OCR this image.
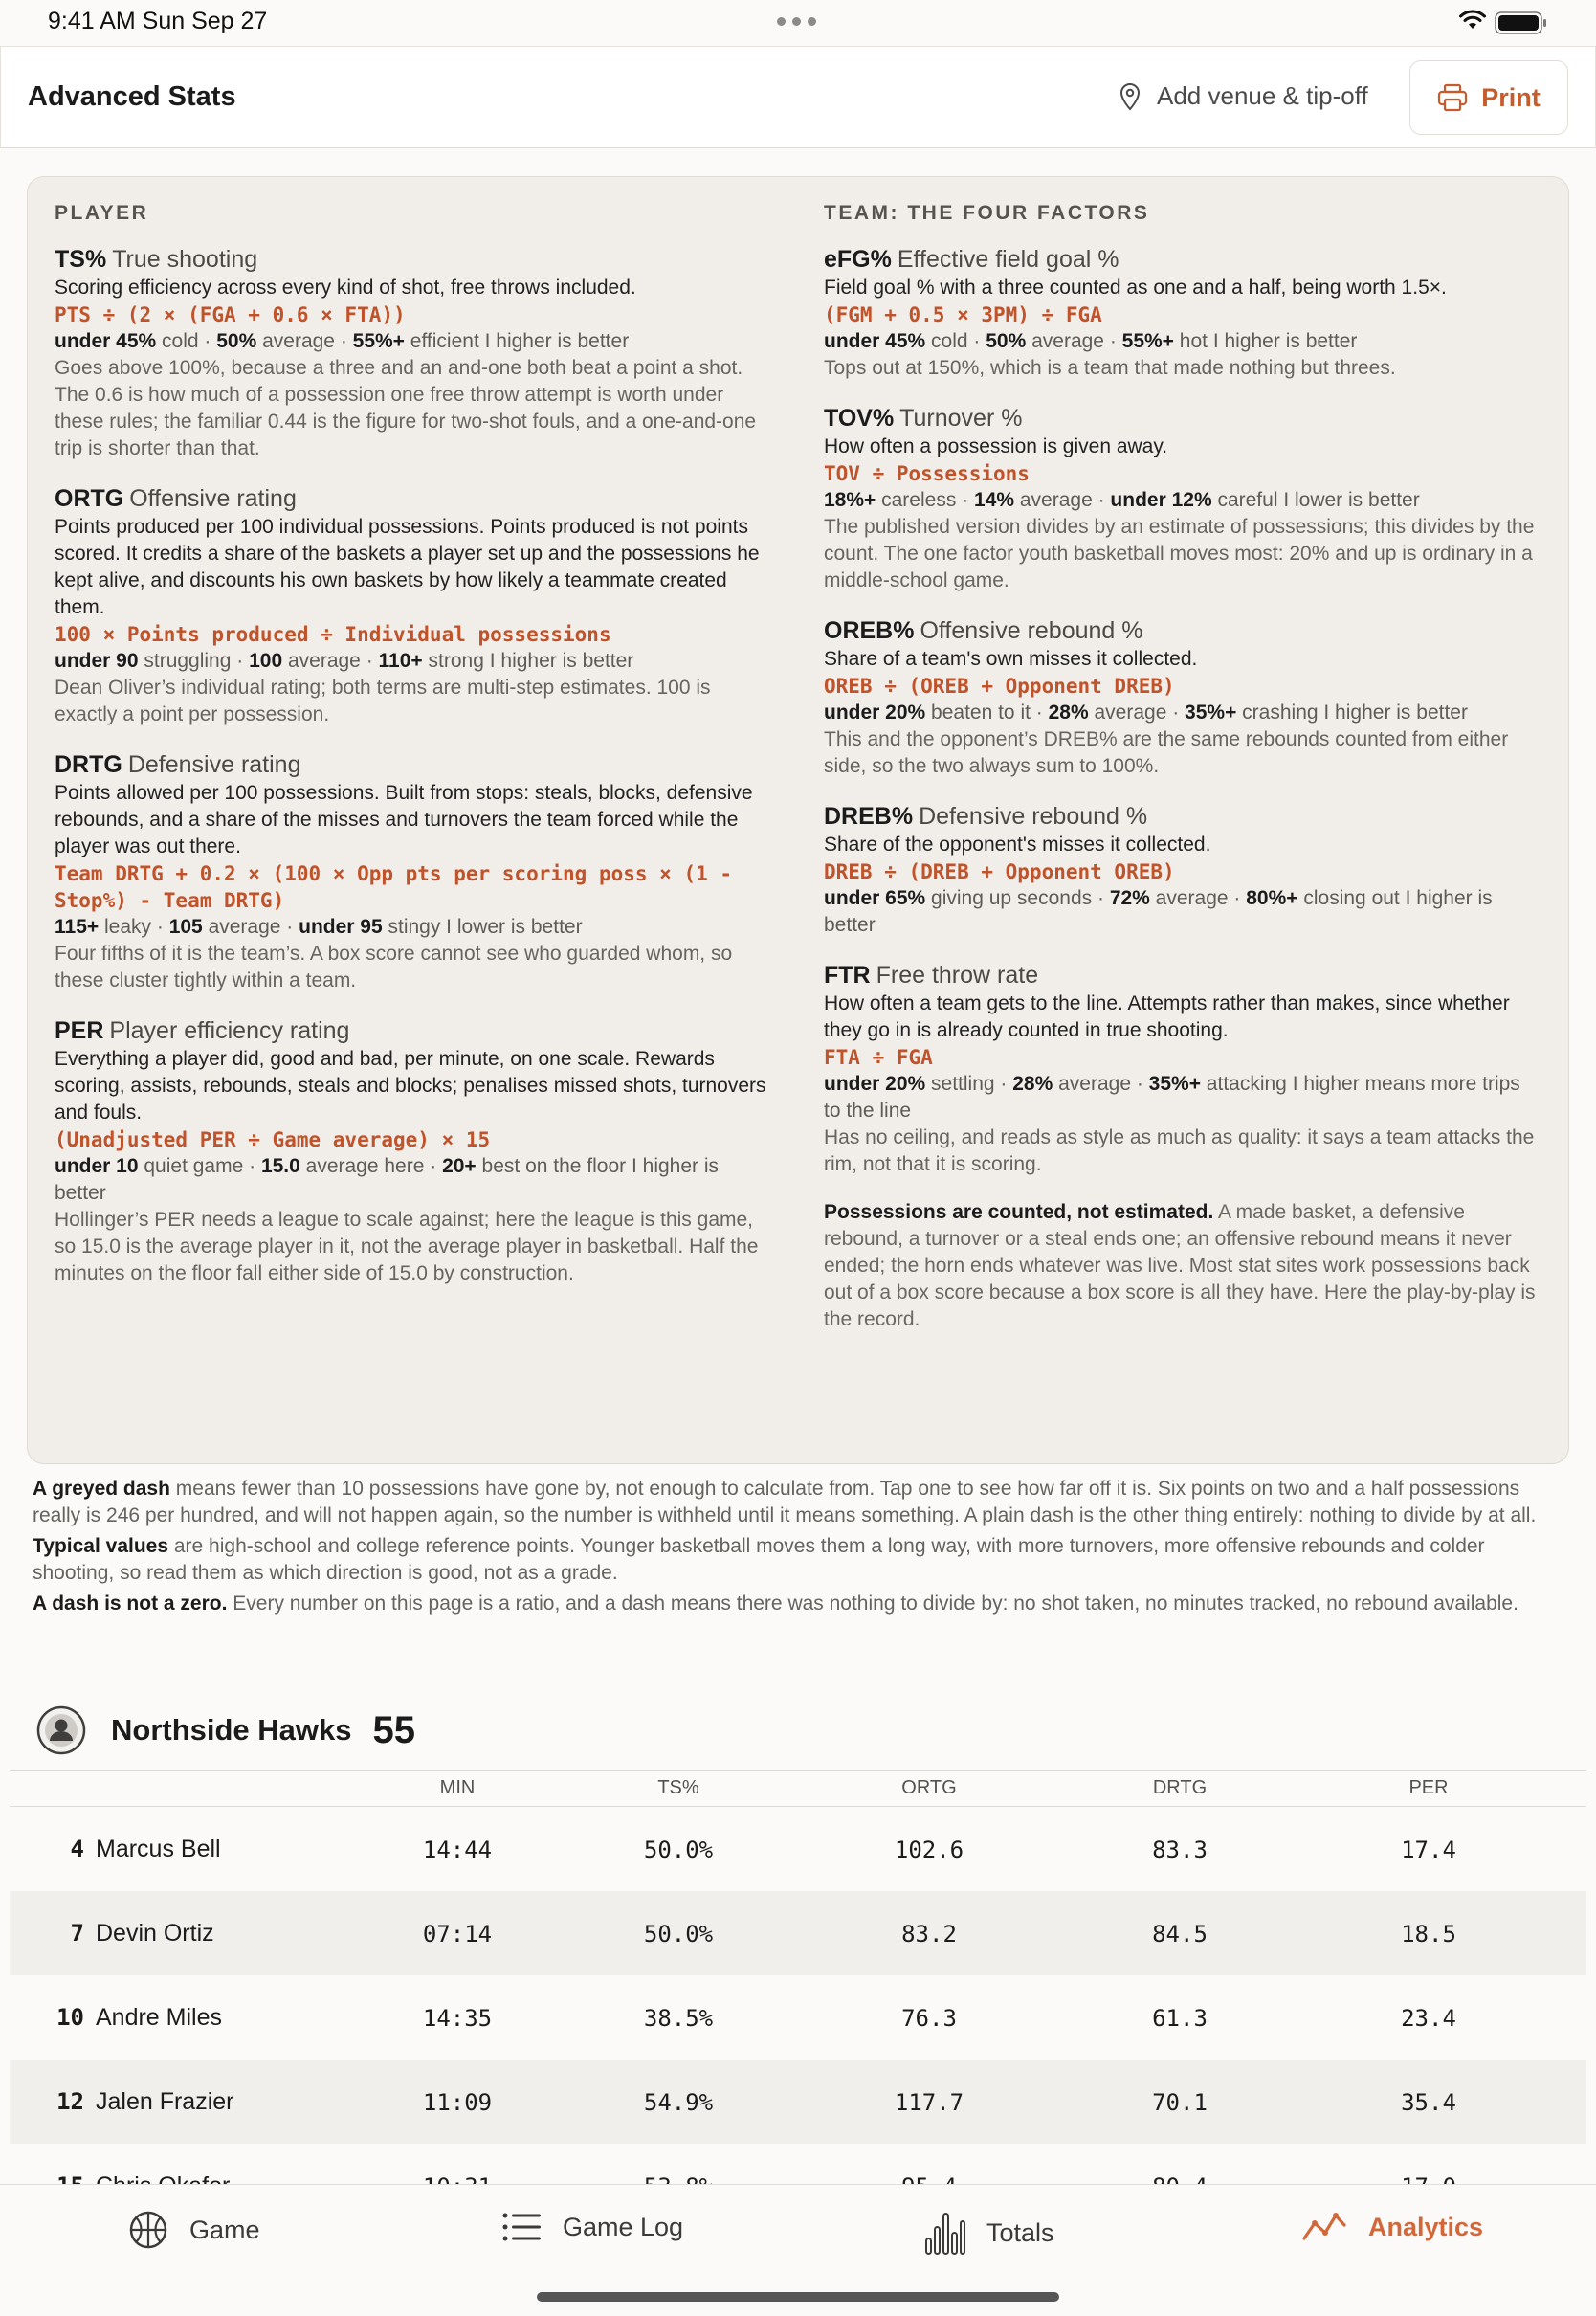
9:41 AM Sun Sep 27
Advanced Stats	Add venue & tip-off	Print
PLAYER
TS% True shooting
Scoring efficiency across every kind of shot, free throws included.
PTS ÷ (2 × (FGA + 0.6 × FTA))
under 45% cold · 50% average · 55%+ efficient I higher is better
Goes above 100%, because a three and an and-one both beat a point a shot. The 0.6 is how much of a possession one free throw attempt is worth under these rules; the familiar 0.44 is the figure for two-shot fouls, and a one-and-one trip is shorter than that.
ORTG Offensive rating
Points produced per 100 individual possessions. Points produced is not points scored. It credits a share of the baskets a player set up and the possessions he kept alive, and discounts his own baskets by how likely a teammate created them.
100 × Points produced ÷ Individual possessions
under 90 struggling · 100 average · 110+ strong I higher is better
Dean Oliver’s individual rating; both terms are multi-step estimates. 100 is exactly a point per possession.
DRTG Defensive rating
Points allowed per 100 possessions. Built from stops: steals, blocks, defensive rebounds, and a share of the misses and turnovers the team forced while the player was out there.
Team DRTG + 0.2 × (100 × Opp pts per scoring poss × (1 - Stop%) - Team DRTG)
115+ leaky · 105 average · under 95 stingy I lower is better
Four fifths of it is the team’s. A box score cannot see who guarded whom, so these cluster tightly within a team.
PER Player efficiency rating
Everything a player did, good and bad, per minute, on one scale. Rewards scoring, assists, rebounds, steals and blocks; penalises missed shots, turnovers and fouls.
(Unadjusted PER ÷ Game average) × 15
under 10 quiet game · 15.0 average here · 20+ best on the floor I higher is better
Hollinger’s PER needs a league to scale against; here the league is this game, so 15.0 is the average player in it, not the average player in basketball. Half the minutes on the floor fall either side of 15.0 by construction.
TEAM: THE FOUR FACTORS
eFG% Effective field goal %
Field goal % with a three counted as one and a half, being worth 1.5×.
(FGM + 0.5 × 3PM) ÷ FGA
under 45% cold · 50% average · 55%+ hot I higher is better
Tops out at 150%, which is a team that made nothing but threes.
TOV% Turnover %
How often a possession is given away.
TOV ÷ Possessions
18%+ careless · 14% average · under 12% careful I lower is better
The published version divides by an estimate of possessions; this divides by the count. The one factor youth basketball moves most: 20% and up is ordinary in a middle-school game.
OREB% Offensive rebound %
Share of a team's own misses it collected.
OREB ÷ (OREB + Opponent DREB)
under 20% beaten to it · 28% average · 35%+ crashing I higher is better
This and the opponent’s DREB% are the same rebounds counted from either side, so the two always sum to 100%.
DREB% Defensive rebound %
Share of the opponent's misses it collected.
DREB ÷ (DREB + Opponent OREB)
under 65% giving up seconds · 72% average · 80%+ closing out I higher is better
FTR Free throw rate
How often a team gets to the line. Attempts rather than makes, since whether they go in is already counted in true shooting.
FTA ÷ FGA
under 20% settling · 28% average · 35%+ attacking I higher means more trips to the line
Has no ceiling, and reads as style as much as quality: it says a team attacks the rim, not that it is scoring.
Possessions are counted, not estimated. A made basket, a defensive rebound, a turnover or a steal ends one; an offensive rebound means it never ended; the horn ends whatever was live. Most stat sites work possessions back out of a box score because a box score is all they have. Here the play-by-play is the record.

A greyed dash means fewer than 10 possessions have gone by, not enough to calculate from. Tap one to see how far off it is. Six points on two and a half possessions really is 246 per hundred, and will not happen again, so the number is withheld until it means something. A plain dash is the other thing entirely: nothing to divide by at all.

Typical values are high-school and college reference points. Younger basketball moves them a long way, with more turnovers, more offensive rebounds and colder shooting, so read them as which direction is good, not as a grade.

A dash is not a zero. Every number on this page is a ratio, and a dash means there was nothing to divide by: no shot taken, no minutes tracked, no rebound available.

Northside Hawks 55
MIN	TS%	ORTG	DRTG	PER
4 Marcus Bell	14:44	50.0%	102.6	83.3	17.4
7 Devin Ortiz	07:14	50.0%	83.2	84.5	18.5
10 Andre Miles	14:35	38.5%	76.3	61.3	23.4
12 Jalen Frazier	11:09	54.9%	117.7	70.1	35.4
Game	Game Log	Totals	Analytics
